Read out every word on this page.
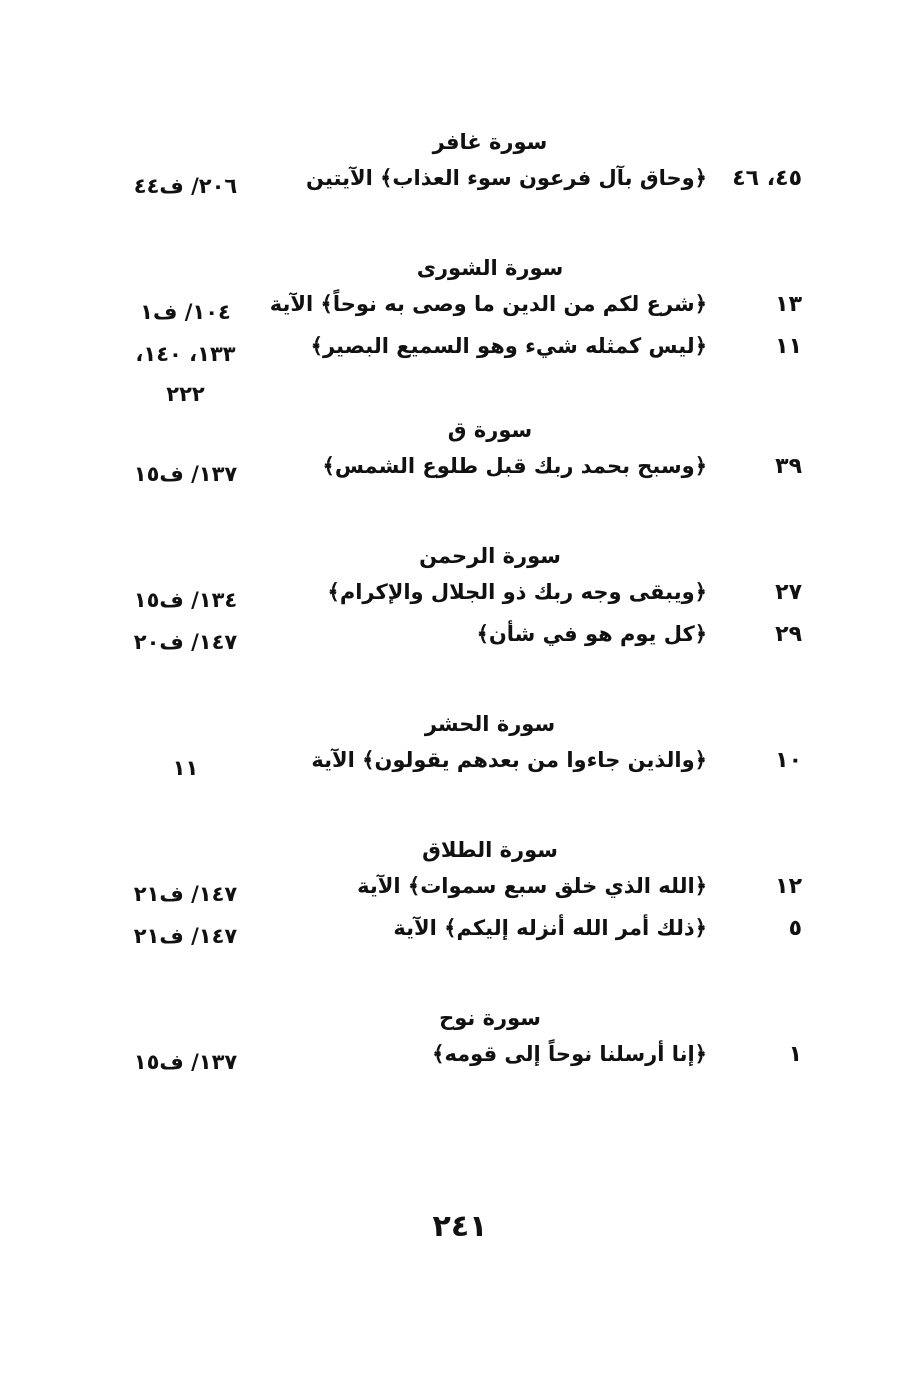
سورة غافر
٤٥، ٤٦
﴿وحاق بآل فرعون سوء العذاب﴾ الآيتين
٢٠٦/ ف٤٤
سورة الشورى
١٣
﴿شرع لكم من الدين ما وصى به نوحاً﴾ الآية
١٠٤/ ف١
١١
﴿ليس كمثله شيء وهو السميع البصير﴾
١٣٣، ١٤٠، ٢٢٢
سورة ق
٣٩
﴿وسبح بحمد ربك قبل طلوع الشمس﴾
١٣٧/ ف١٥
سورة الرحمن
٢٧
﴿ويبقى وجه ربك ذو الجلال والإكرام﴾
١٣٤/ ف١٥
٢٩
﴿كل يوم هو في شأن﴾
١٤٧/ ف٢٠
سورة الحشر
١٠
﴿والذين جاءوا من بعدهم يقولون﴾ الآية
١١
سورة الطلاق
١٢
﴿الله الذي خلق سبع سموات﴾ الآية
١٤٧/ ف٢١
٥
﴿ذلك أمر الله أنزله إليكم﴾ الآية
١٤٧/ ف٢١
سورة نوح
١
﴿إنا أرسلنا نوحاً إلى قومه﴾
١٣٧/ ف١٥
٢٤١
